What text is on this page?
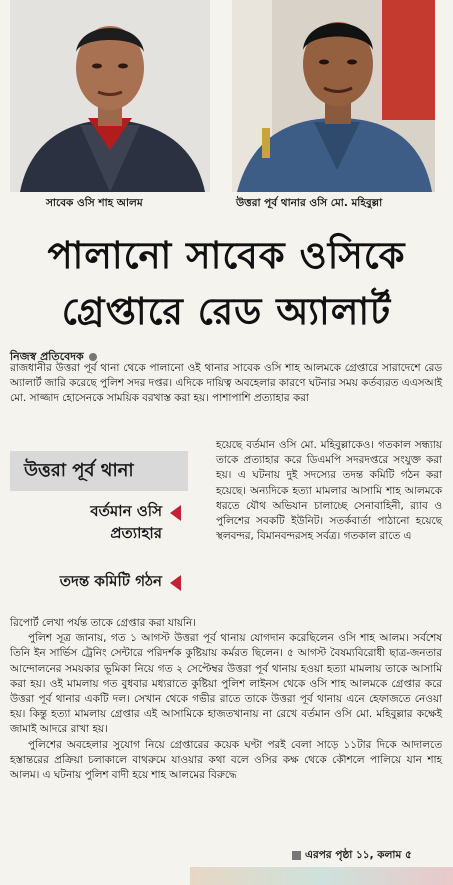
সাবেক ওসি শাহ আলম	উত্তরা পূর্ব থানার ওসি মো. মহিবুল্লা
পালানো সাবেক ওসিকে
গ্রেপ্তারে রেড অ্যালার্ট
নিজস্ব প্রতিবেদক
রাজধানীর উত্তরা পূর্ব থানা থেকে পালানো ওই থানার সাবেক ওসি শাহ আলমকে গ্রেপ্তারে সারাদেশে রেড অ্যালার্ট জারি করেছে পুলিশ সদর দপ্তর। এদিকে দায়িত্ব অবহেলার কারণে ঘটনার সময় কর্তব্যরত এএসআই মো. সাজ্জাদ হোসেনকে সাময়িক বরখাস্ত করা হয়। পাশাপাশি প্রত্যাহার করা
উত্তরা পূর্ব থানা
বর্তমান ওসি
প্রত্যাহার
তদন্ত কমিটি গঠন
হয়েছে বর্তমান ওসি মো. মহিবুল্লাকেও। গতকাল সন্ধ্যায় তাকে প্রত্যাহার করে ডিএমপি সদরদপ্তরে সংযুক্ত করা হয়। এ ঘটনায় দুই সদস্যের তদন্ত কমিটি গঠন করা হয়েছে। অন্যদিকে হত্যা মামলার আসামি শাহ আলমকে ধরতে যৌথ অভিযান চালাচ্ছে সেনাবাহিনী, র‌্যাব ও পুলিশের সবকটি ইউনিট। সতর্কবার্তা পাঠানো হয়েছে স্থলবন্দর, বিমানবন্দরসহ সর্বত্র। গতকাল রাতে এ

রিপোর্ট লেখা পর্যন্ত তাকে গ্রেপ্তার করা যায়নি।

পুলিশ সূত্র জানায়, গত ১ আগস্ট উত্তরা পূর্ব থানায় যোগদান করেছিলেন ওসি শাহ আলম। সর্বশেষ তিনি ইন সার্ভিস ট্রেনিং সেন্টারে পরিদর্শক কুষ্টিয়ায় কর্মরত ছিলেন। ৫ আগস্ট বৈষম্যবিরোধী ছাত্র-জনতার আন্দোলনের সময়কার ভূমিকা নিয়ে গত ২ সেপ্টেম্বর উত্তরা পূর্ব থানায় হওয়া হত্যা মামলায় তাকে আসামি করা হয়। ওই মামলায় গত বুধবার মধ্যরাতে কুষ্টিয়া পুলিশ লাইনস থেকে ওসি শাহ আলমকে গ্রেপ্তার করে উত্তরা পূর্ব থানার একটি দল। সেখান থেকে গভীর রাতে তাকে উত্তরা পূর্ব থানায় এনে হেফাজতে নেওয়া হয়। কিন্তু হত্যা মামলায় গ্রেপ্তার এই আসামিকে হাজতখানায় না রেখে বর্তমান ওসি মো. মহিবুল্লার কক্ষেই জামাই আদরে রাখা হয়।

পুলিশের অবহেলার সুযোগ নিয়ে গ্রেপ্তারের কয়েক ঘণ্টা পরই বেলা সাড়ে ১১টার দিকে আদালতে হস্তান্তরের প্রক্রিয়া চলাকালে বাথরুমে যাওয়ার কথা বলে ওসির কক্ষ থেকে কৌশলে পালিয়ে যান শাহ আলম। এ ঘটনায় পুলিশ বাদী হয়ে শাহ আলমের বিরুদ্ধে

এরপর পৃষ্ঠা ১১, কলাম ৫
